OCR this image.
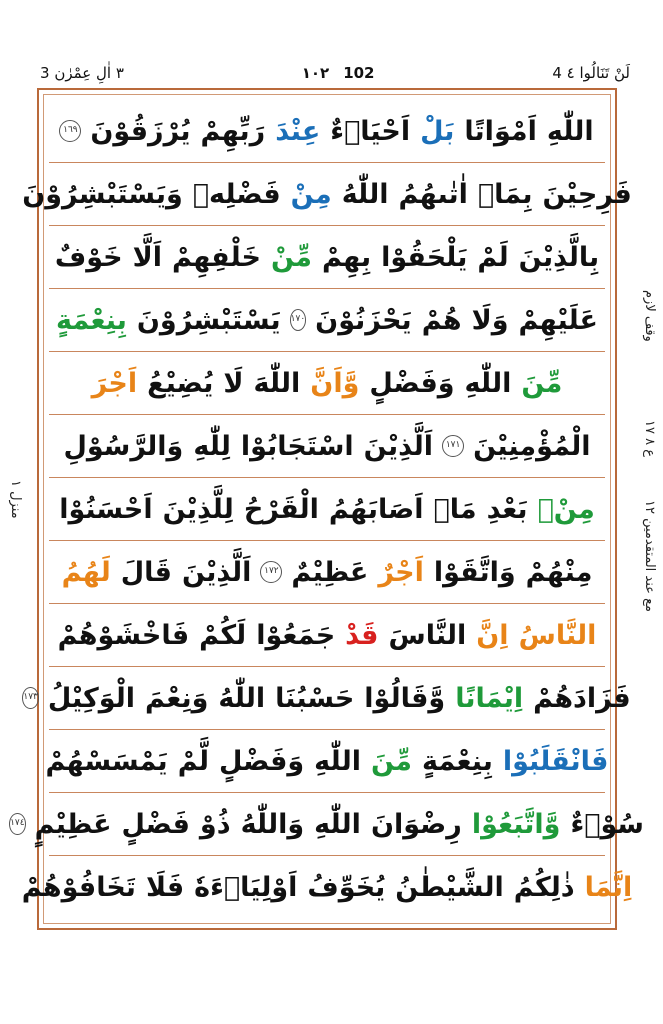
٣ اٰلِ عِمْرٰن 3	١٠٢ 102	لَنْ تَنَالُوا ٤ 4
منزل ١
وقف لازم
ع ٨ ١٧
مع عند المتقدمين ١٢
اللّٰهِ
اَمْوَاتًا
بَلْ
اَحْيَاۤءٌ
عِنْدَ
رَبِّهِمْ
يُرْزَقُوْنَ
١٦٩
فَرِحِيْنَ
بِمَاۤ
اٰتٰىهُمُ
اللّٰهُ
مِنْ
فَضْلِهٖ
وَيَسْتَبْشِرُوْنَ
بِالَّذِيْنَ
لَمْ
يَلْحَقُوْا
بِهِمْ
مِّنْ
خَلْفِهِمْ
اَلَّا
خَوْفٌ
عَلَيْهِمْ
وَلَا
هُمْ
يَحْزَنُوْنَ
١٧٠
يَسْتَبْشِرُوْنَ
بِنِعْمَةٍ
مِّنَ
اللّٰهِ
وَفَضْلٍ
وَّاَنَّ
اللّٰهَ
لَا
يُضِيْعُ
اَجْرَ
الْمُؤْمِنِيْنَ
١٧١
اَلَّذِيْنَ
اسْتَجَابُوْا
لِلّٰهِ
وَالرَّسُوْلِ
مِنْۢ
بَعْدِ
مَاۤ
اَصَابَهُمُ
الْقَرْحُ
لِلَّذِيْنَ
اَحْسَنُوْا
مِنْهُمْ
وَاتَّقَوْا
اَجْرٌ
عَظِيْمٌ
١٧٢
اَلَّذِيْنَ
قَالَ
لَهُمُ
النَّاسُ
اِنَّ
النَّاسَ
قَدْ
جَمَعُوْا
لَكُمْ
فَاخْشَوْهُمْ
فَزَادَهُمْ
اِيْمَانًا
وَّقَالُوْا
حَسْبُنَا
اللّٰهُ
وَنِعْمَ
الْوَكِيْلُ
١٧٣
فَانْقَلَبُوْا
بِنِعْمَةٍ
مِّنَ
اللّٰهِ
وَفَضْلٍ
لَّمْ
يَمْسَسْهُمْ
سُوْۤءٌ
وَّاتَّبَعُوْا
رِضْوَانَ
اللّٰهِ
وَاللّٰهُ
ذُوْ
فَضْلٍ
عَظِيْمٍ
١٧٤
اِنَّمَا
ذٰلِكُمُ
الشَّيْطٰنُ
يُخَوِّفُ
اَوْلِيَاۤءَهٗ
فَلَا
تَخَافُوْهُمْ
